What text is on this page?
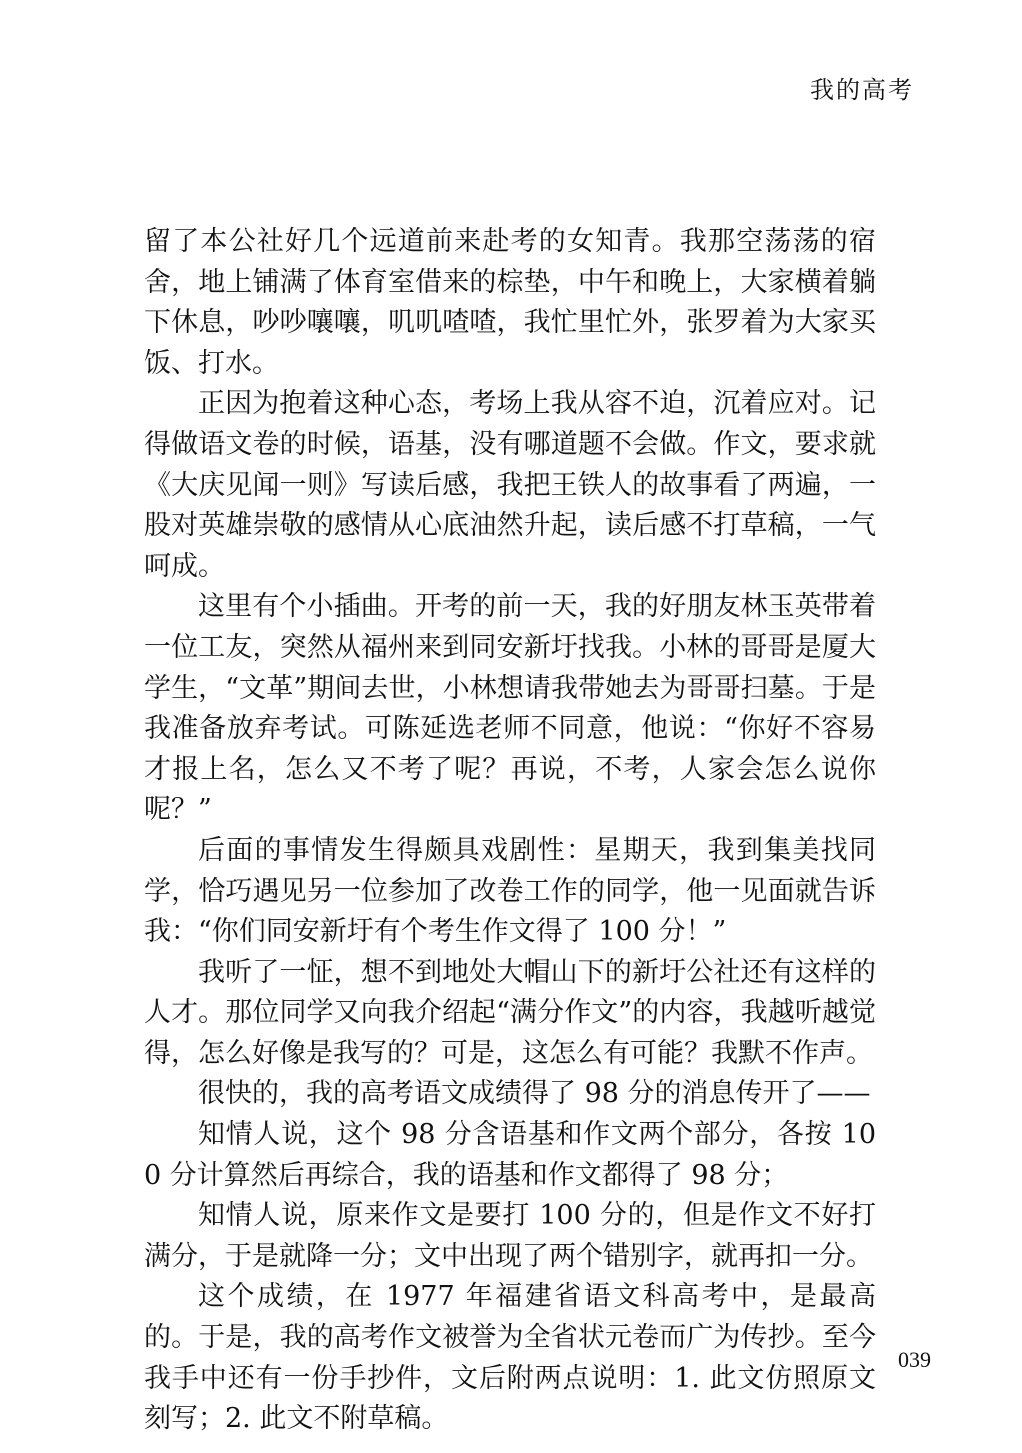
我的高考

留了本公社好几个远道前来赴考的女知青。我那空荡荡的宿舍，地上铺满了体育室借来的棕垫，中午和晚上，大家横着躺下休息，吵吵嚷嚷，叽叽喳喳，我忙里忙外，张罗着为大家买饭、打水。

正因为抱着这种心态，考场上我从容不迫，沉着应对。记得做语文卷的时候，语基，没有哪道题不会做。作文，要求就《大庆见闻一则》写读后感，我把王铁人的故事看了两遍，一股对英雄崇敬的感情从心底油然升起，读后感不打草稿，一气呵成。

这里有个小插曲。开考的前一天，我的好朋友林玉英带着一位工友，突然从福州来到同安新圩找我。小林的哥哥是厦大学生，“文革”期间去世，小林想请我带她去为哥哥扫墓。于是我准备放弃考试。可陈延选老师不同意，他说：“你好不容易才报上名，怎么又不考了呢？再说，不考，人家会怎么说你呢？”

后面的事情发生得颇具戏剧性：星期天，我到集美找同学，恰巧遇见另一位参加了改卷工作的同学，他一见面就告诉我：“你们同安新圩有个考生作文得了 100 分！”

我听了一怔，想不到地处大帽山下的新圩公社还有这样的人才。那位同学又向我介绍起“满分作文”的内容，我越听越觉得，怎么好像是我写的？可是，这怎么有可能？我默不作声。

很快的，我的高考语文成绩得了 98 分的消息传开了——

知情人说，这个 98 分含语基和作文两个部分，各按 100 分计算然后再综合，我的语基和作文都得了 98 分；

知情人说，原来作文是要打 100 分的，但是作文不好打满分，于是就降一分；文中出现了两个错别字，就再扣一分。

这个成绩，在 1977 年福建省语文科高考中，是最高的。于是，我的高考作文被誉为全省状元卷而广为传抄。至今我手中还有一份手抄件，文后附两点说明：1. 此文仿照原文刻写；2. 此文不附草稿。

039
